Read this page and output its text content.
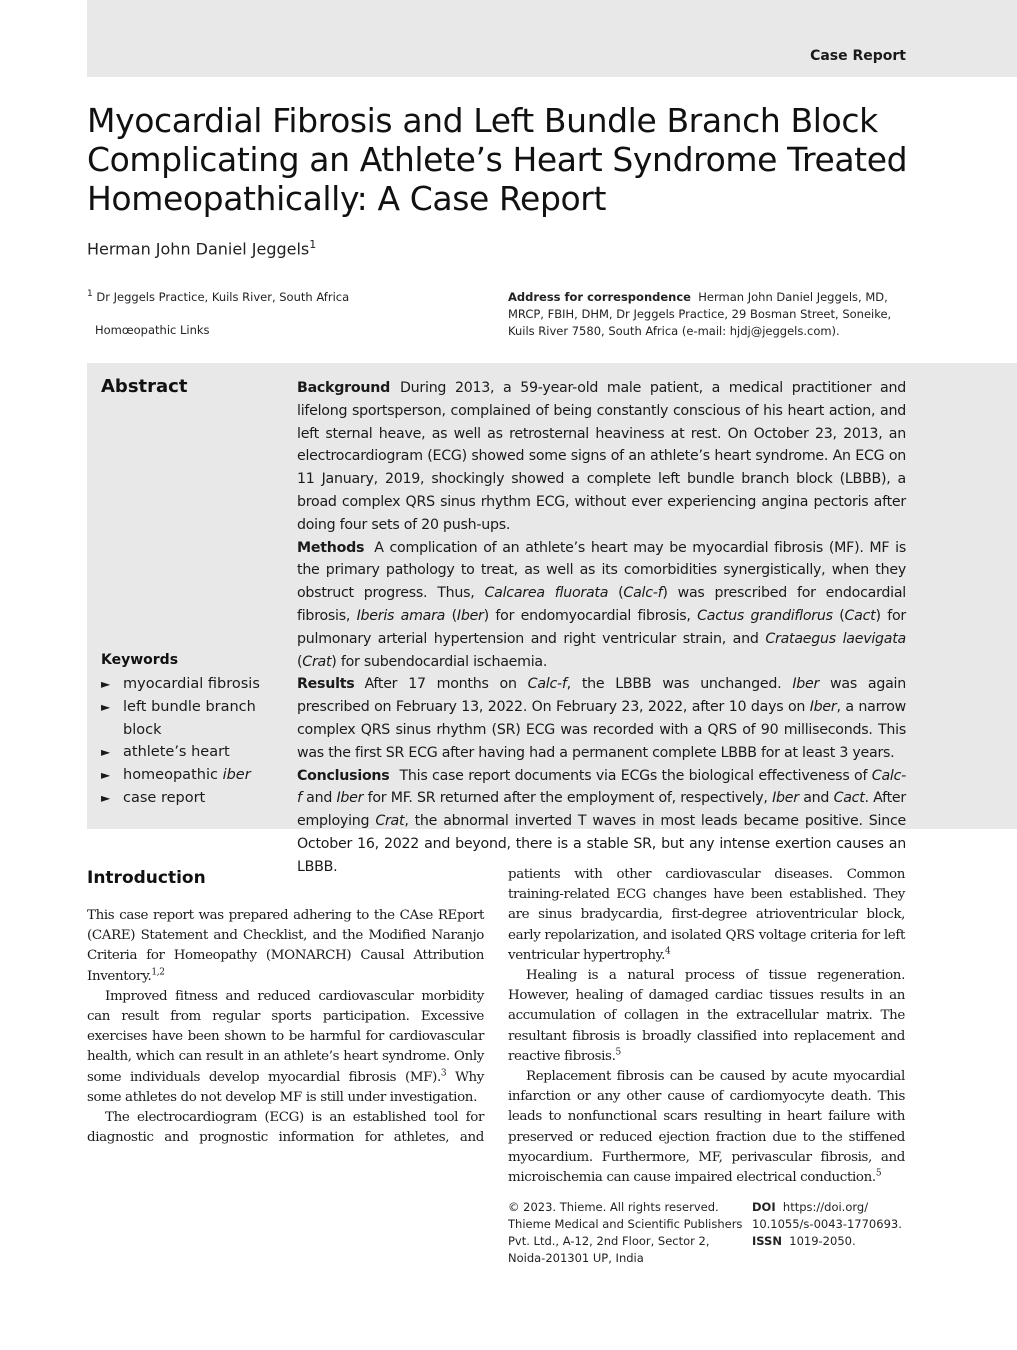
Case Report
Myocardial Fibrosis and Left Bundle Branch Block Complicating an Athlete’s Heart Syndrome Treated Homeopathically: A Case Report
Herman John Daniel Jeggels$^1$
$^1$ Dr Jeggels Practice, Kuils River, South Africa
Homœopathic Links
Address for correspondence Herman John Daniel Jeggels, MD, MRCP, FBIH, DHM, Dr Jeggels Practice, 29 Bosman Street, Soneike, Kuils River 7580, South Africa (e-mail: hjdj@jeggels.com).
Abstract	Background During 2013, a 59-year-old male patient, a medical practitioner and lifelong sportsperson, complained of being constantly conscious of his heart action, and left sternal heave, as well as retrosternal heaviness at rest. On October 23, 2013, an electrocardiogram (ECG) showed some signs of an athlete’s heart syndrome. An ECG on 11 January, 2019, shockingly showed a complete left bundle branch block (LBBB), a broad complex QRS sinus rhythm ECG, without ever experiencing angina pectoris after doing four sets of 20 push-ups.

Methods A complication of an athlete’s heart may be myocardial fibrosis (MF). MF is the primary pathology to treat, as well as its comorbidities synergistically, when they obstruct progress. Thus, Calcarea fluorata (Calc-f) was prescribed for endocardial fibrosis, Iberis amara (Iber) for endomyocardial fibrosis, Cactus grandiflorus (Cact) for pulmonary arterial hypertension and right ventricular strain, and Crataegus laevigata (Crat) for subendocardial ischaemia.

Results After 17 months on Calc-f, the LBBB was unchanged. Iber was again prescribed on February 13, 2022. On February 23, 2022, after 10 days on Iber, a narrow complex QRS sinus rhythm (SR) ECG was recorded with a QRS of 90 milliseconds. This was the first SR ECG after having had a permanent complete LBBB for at least 3 years.

Conclusions This case report documents via ECGs the biological effectiveness of Calc-f and Iber for MF. SR returned after the employment of, respectively, Iber and Cact. After employing Crat, the abnormal inverted T waves in most leads became positive. Since October 16, 2022 and beyond, there is a stable SR, but any intense exertion causes an LBBB.

Keywords
► myocardial fibrosis
► left bundle branch block
► athlete’s heart
► homeopathic iber
► case report
Introduction

This case report was prepared adhering to the CAse REport (CARE) Statement and Checklist, and the Modified Naranjo Criteria for Homeopathy (MONARCH) Causal Attribution Inventory.$^{1,2}$

Improved fitness and reduced cardiovascular morbidity can result from regular sports participation. Excessive exercises have been shown to be harmful for cardiovascular health, which can result in an athlete’s heart syndrome. Only some individuals develop myocardial fibrosis (MF).$^3$ Why some athletes do not develop MF is still under investigation.

The electrocardiogram (ECG) is an established tool for diagnostic and prognostic information for athletes, and

patients with other cardiovascular diseases. Common training-related ECG changes have been established. They are sinus bradycardia, first-degree atrioventricular block, early repolarization, and isolated QRS voltage criteria for left ventricular hypertrophy.$^4$

Healing is a natural process of tissue regeneration. However, healing of damaged cardiac tissues results in an accumulation of collagen in the extracellular matrix. The resultant fibrosis is broadly classified into replacement and reactive fibrosis.$^5$

Replacement fibrosis can be caused by acute myocardial infarction or any other cause of cardiomyocyte death. This leads to nonfunctional scars resulting in heart failure with preserved or reduced ejection fraction due to the stiffened myocardium. Furthermore, MF, perivascular fibrosis, and microischemia can cause impaired electrical conduction.$^5$

© 2023. Thieme. All rights reserved. Thieme Medical and Scientific Publishers Pvt. Ltd., A-12, 2nd Floor, Sector 2, Noida-201301 UP, India
DOI https://doi.org/ 10.1055/s-0043-1770693.
ISSN 1019-2050.
